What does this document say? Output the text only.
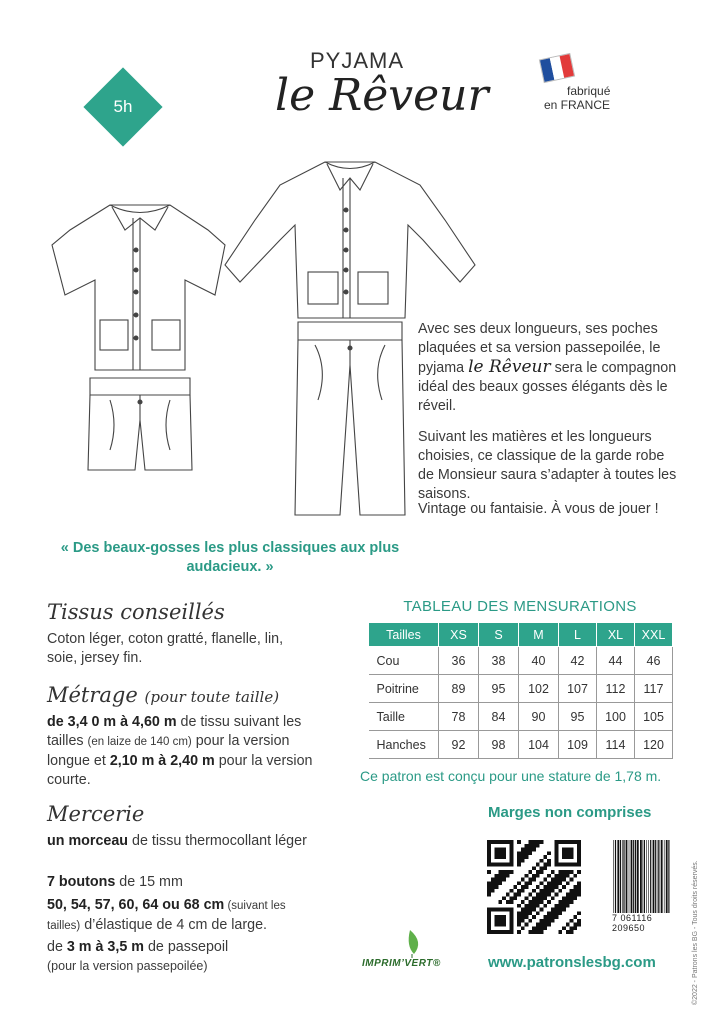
5h
PYJAMA
le Rêveur	fabriqué
en FRANCE
Avec ses deux longueurs, ses poches plaquées et sa version passepoilée, le pyjama le Rêveur sera le compagnon idéal des beaux gosses élégants dès le réveil.
Suivant les matières et les longueurs choisies, ce classique de la garde robe de Monsieur saura s’adapter à toutes les saisons.
Vintage ou fantaisie. À vous de jouer !
« Des beaux-gosses les plus classiques aux plus audacieux. »
Tissus conseillés
Coton léger, coton gratté, flanelle, lin, soie, jersey fin.
Métrage (pour toute taille)
de 3,4 0 m à 4,60 m de tissu suivant les tailles (en laize de 140 cm) pour la version longue et 2,10 m à 2,40 m pour la version courte.
Mercerie
un morceau de tissu thermocollant léger
7 boutons de 15 mm
50, 54, 57, 60, 64 ou 68 cm (suivant les tailles) d’élastique de 4 cm de large.
de 3 m à 3,5 m de passepoil
(pour la version passepoilée)
TABLEAU DES MENSURATIONS
Tailles	XS	S	M	L	XL	XXL
Cou	36	38	40	42	44	46
Poitrine	89	95	102	107	112	117
Taille	78	84	90	95	100	105
Hanches	92	98	104	109	114	120
Ce patron est conçu pour une stature de 1,78 m.
Marges non comprises
7 061116 209650
IMPRIM’VERT®	www.patronslesbg.com	©2022 - Patrons les BG - Tous droits réservés.
